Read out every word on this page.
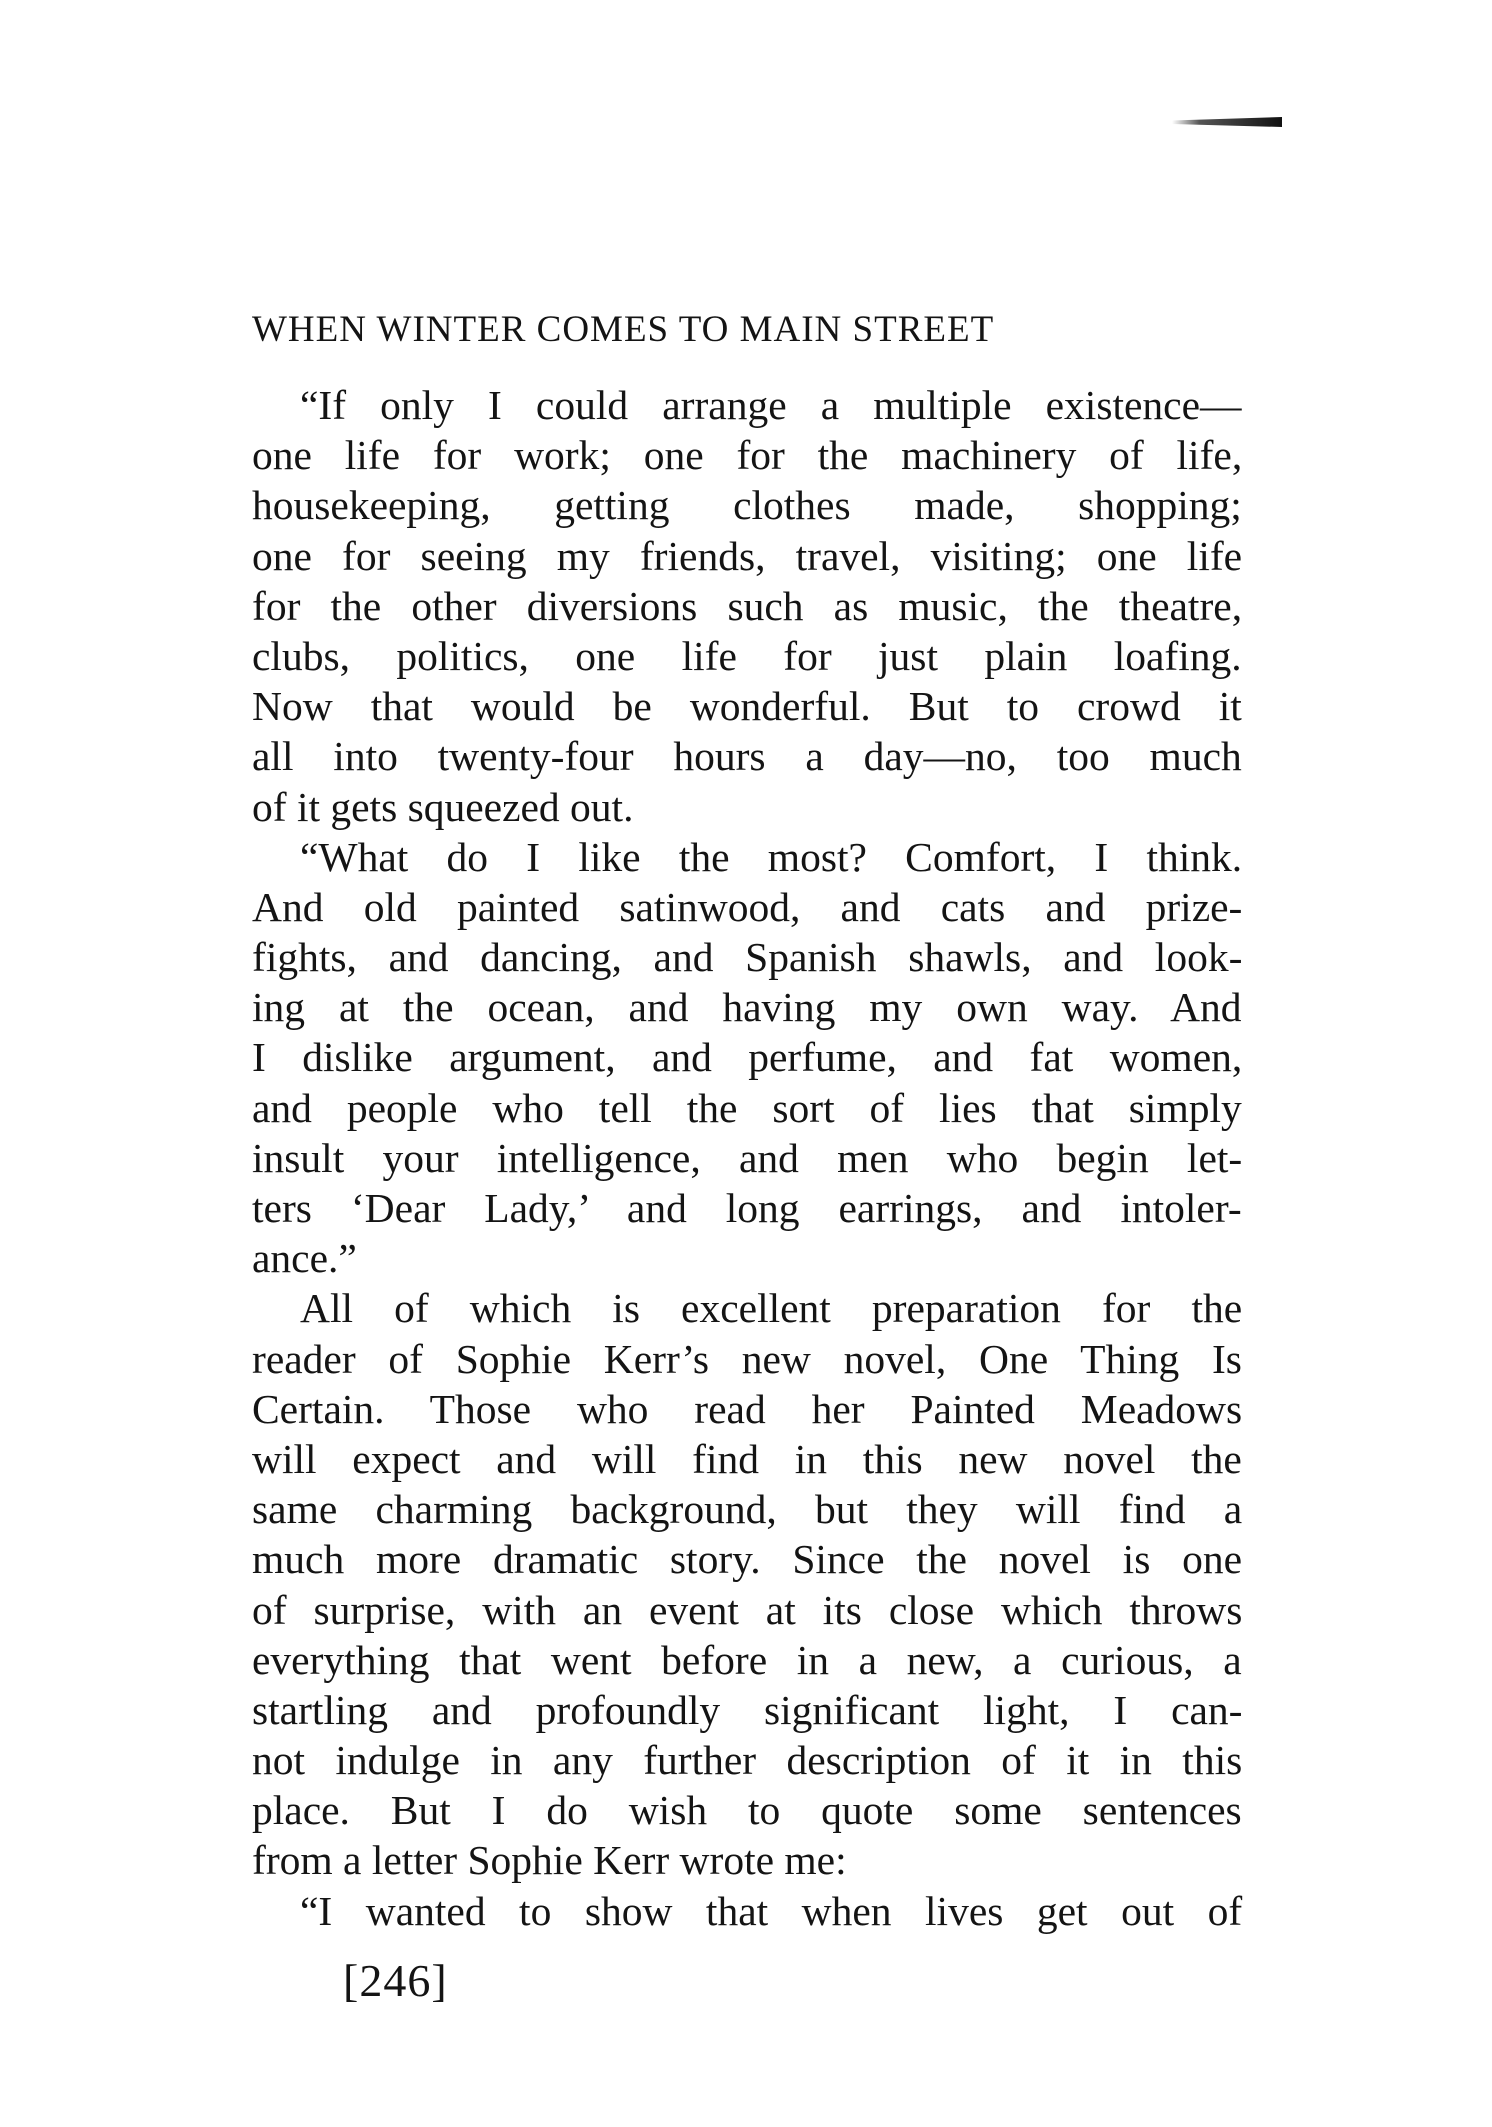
WHEN WINTER COMES TO MAIN STREET
“If only I could arrange a multiple existence—
one life for work; one for the machinery of life,
housekeeping, getting clothes made, shopping;
one for seeing my friends, travel, visiting; one life
for the other diversions such as music, the theatre,
clubs, politics, one life for just plain loafing.
Now that would be wonderful. But to crowd it
all into twenty-four hours a day—no, too much
of it gets squeezed out.
“What do I like the most? Comfort, I think.
And old painted satinwood, and cats and prize-
fights, and dancing, and Spanish shawls, and look-
ing at the ocean, and having my own way. And
I dislike argument, and perfume, and fat women,
and people who tell the sort of lies that simply
insult your intelligence, and men who begin let-
ters ‘Dear Lady,’ and long earrings, and intoler-
ance.”
All of which is excellent preparation for the
reader of Sophie Kerr’s new novel, One Thing Is
Certain. Those who read her Painted Meadows
will expect and will find in this new novel the
same charming background, but they will find a
much more dramatic story. Since the novel is one
of surprise, with an event at its close which throws
everything that went before in a new, a curious, a
startling and profoundly significant light, I can-
not indulge in any further description of it in this
place. But I do wish to quote some sentences
from a letter Sophie Kerr wrote me:
“I wanted to show that when lives get out of
[246]
